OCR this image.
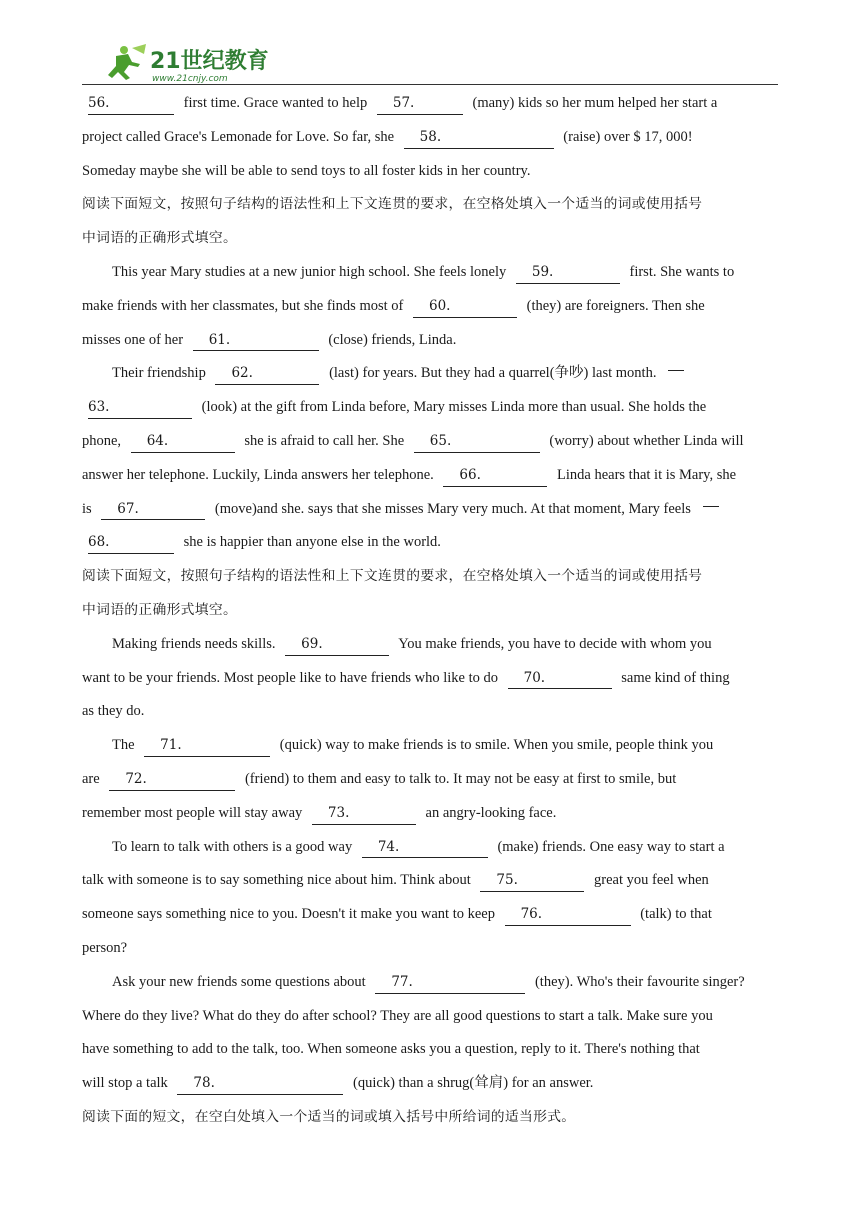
21世纪教育
www.21cnjy.com
56.	first time. Grace wanted to help 57.	(many) kids so her mum helped her start a
project called Grace's Lemonade for Love. So far, she 58.	(raise) over $ 17, 000!
Someday maybe she will be able to send toys to all foster kids in her country.
阅读下面短文，按照句子结构的语法性和上下文连贯的要求，在空格处填入一个适当的词或使用括号
中词语的正确形式填空。
This year Mary studies at a new junior high school. She feels lonely 59.	first. She wants to
make friends with her classmates, but she finds most of 60.	(they) are foreigners. Then she
misses one of her 61.	(close) friends, Linda.
Their friendship 62.	(last) for years. But they had a quarrel(争吵) last month.
63.	(look) at the gift from Linda before, Mary misses Linda more than usual. She holds the
phone, 64.	she is afraid to call her. She 65.	(worry) about whether Linda will
answer her telephone. Luckily, Linda answers her telephone. 66.	Linda hears that it is Mary, she
is 67.	(move)and she. says that she misses Mary very much. At that moment, Mary feels
68.	she is happier than anyone else in the world.
阅读下面短文，按照句子结构的语法性和上下文连贯的要求，在空格处填入一个适当的词或使用括号
中词语的正确形式填空。
Making friends needs skills. 69.	You make friends, you have to decide with whom you
want to be your friends. Most people like to have friends who like to do 70.	same kind of thing
as they do.
The 71.	(quick) way to make friends is to smile. When you smile, people think you
are 72.	(friend) to them and easy to talk to. It may not be easy at first to smile, but
remember most people will stay away 73.	an angry-looking face.
To learn to talk with others is a good way 74.	(make) friends. One easy way to start a
talk with someone is to say something nice about him. Think about 75.	great you feel when
someone says something nice to you. Doesn't it make you want to keep 76.	(talk) to that
person?
Ask your new friends some questions about 77.	(they). Who's their favourite singer?
Where do they live? What do they do after school? They are all good questions to start a talk. Make sure you
have something to add to the talk, too. When someone asks you a question, reply to it. There's nothing that
will stop a talk 78.	(quick) than a shrug(耸肩) for an answer.
阅读下面的短文，在空白处填入一个适当的词或填入括号中所给词的适当形式。
